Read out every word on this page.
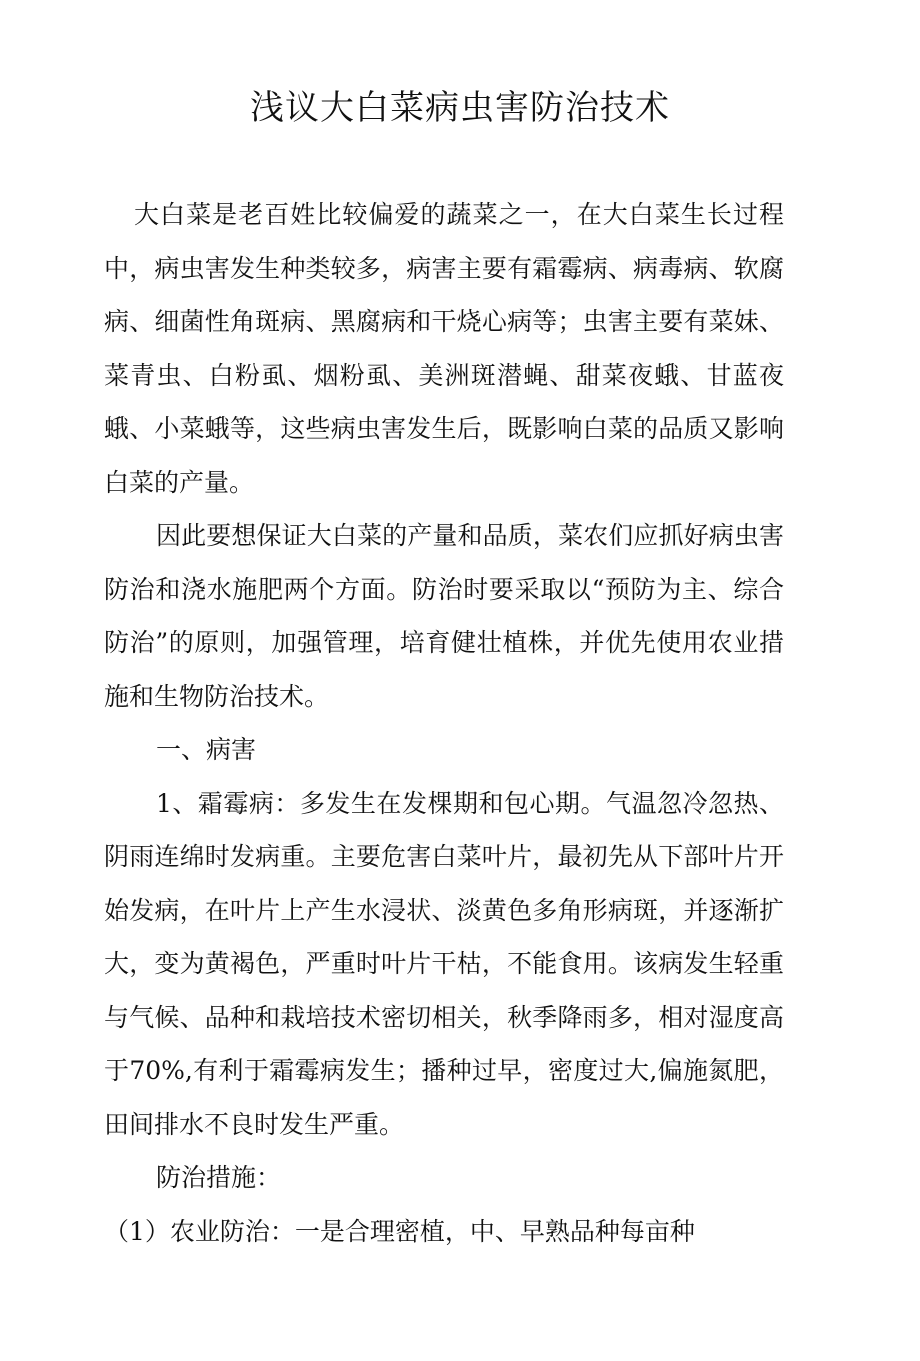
浅议大白菜病虫害防治技术

大白菜是老百姓比较偏爱的蔬菜之一，在大白菜生长过程中，病虫害发生种类较多，病害主要有霜霉病、病毒病、软腐病、细菌性角斑病、黑腐病和干烧心病等；虫害主要有菜妹、菜青虫、白粉虱、烟粉虱、美洲斑潜蝇、甜菜夜蛾、甘蓝夜蛾、小菜蛾等，这些病虫害发生后，既影响白菜的品质又影响白菜的产量。

因此要想保证大白菜的产量和品质，菜农们应抓好病虫害防治和浇水施肥两个方面。防治时要采取以“预防为主、综合防治”的原则，加强管理，培育健壮植株，并优先使用农业措施和生物防治技术。

一、病害

1、霜霉病：多发生在发棵期和包心期。气温忽冷忽热、阴雨连绵时发病重。主要危害白菜叶片，最初先从下部叶片开始发病，在叶片上产生水浸状、淡黄色多角形病斑，并逐渐扩大，变为黄褐色，严重时叶片干枯，不能食用。该病发生轻重与气候、品种和栽培技术密切相关，秋季降雨多，相对湿度高于70%,有利于霜霉病发生；播种过早，密度过大,偏施氮肥，田间排水不良时发生严重。

防治措施：

（1）农业防治：一是合理密植，中、早熟品种每亩种
